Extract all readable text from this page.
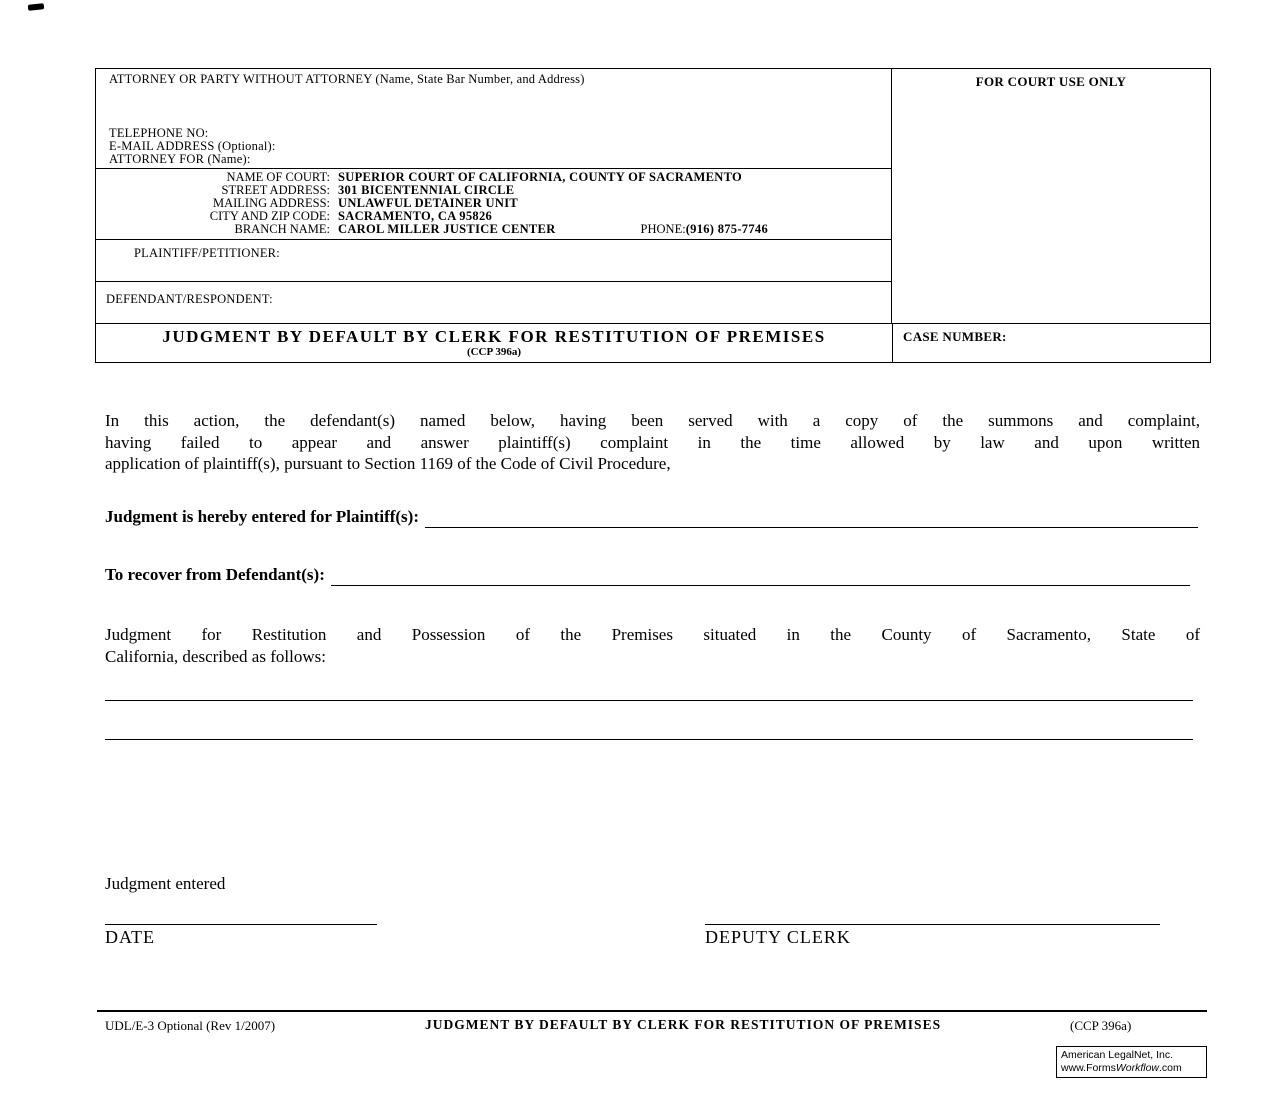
ATTORNEY OR PARTY WITHOUT ATTORNEY (Name, State Bar Number, and Address)
TELEPHONE NO:
E-MAIL ADDRESS (Optional):
ATTORNEY FOR (Name):
NAME OF COURT: SUPERIOR COURT OF CALIFORNIA, COUNTY OF SACRAMENTO
STREET ADDRESS: 301 BICENTENNIAL CIRCLE
MAILING ADDRESS: UNLAWFUL DETAINER UNIT
CITY AND ZIP CODE: SACRAMENTO, CA 95826
BRANCH NAME: CAROL MILLER JUSTICE CENTER	PHONE: (916) 875-7746
PLAINTIFF/PETITIONER:
DEFENDANT/RESPONDENT:
FOR COURT USE ONLY
JUDGMENT BY DEFAULT BY CLERK FOR RESTITUTION OF PREMISES
(CCP 396a)
CASE NUMBER:
In this action, the defendant(s) named below, having been served with a copy of the summons and complaint,
having failed to appear and answer plaintiff(s) complaint in the time allowed by law and upon written
application of plaintiff(s), pursuant to Section 1169 of the Code of Civil Procedure,
Judgment is hereby entered for Plaintiff(s):
To recover from Defendant(s):
Judgment for Restitution and Possession of the Premises situated in the County of Sacramento, State of
California, described as follows:
Judgment entered
DATE	DEPUTY CLERK
UDL/E-3 Optional (Rev 1/2007)	JUDGMENT BY DEFAULT BY CLERK FOR RESTITUTION OF PREMISES	(CCP 396a)
American LegalNet, Inc.
www.FormsWorkflow.com
